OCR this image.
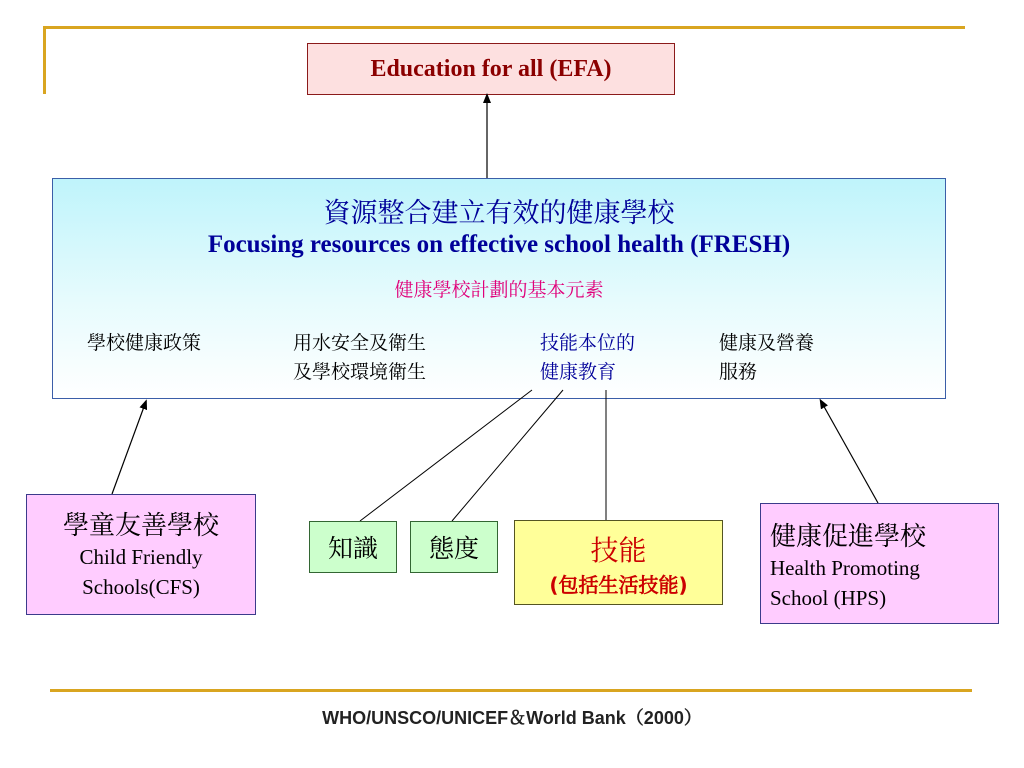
Education for all (EFA)
資源整合建立有效的健康學校
Focusing resources on effective school health (FRESH)
健康學校計劃的基本元素
學校健康政策	用水安全及衛生
及學校環境衛生
技能本位的
健康教育
健康及營養
服務
學童友善學校
Child Friendly
Schools(CFS)
知識 態度	技能
(包括生活技能)
健康促進學校
Health Promoting
School (HPS)
WHO/UNSCO/UNICEF＆World Bank（2000）
